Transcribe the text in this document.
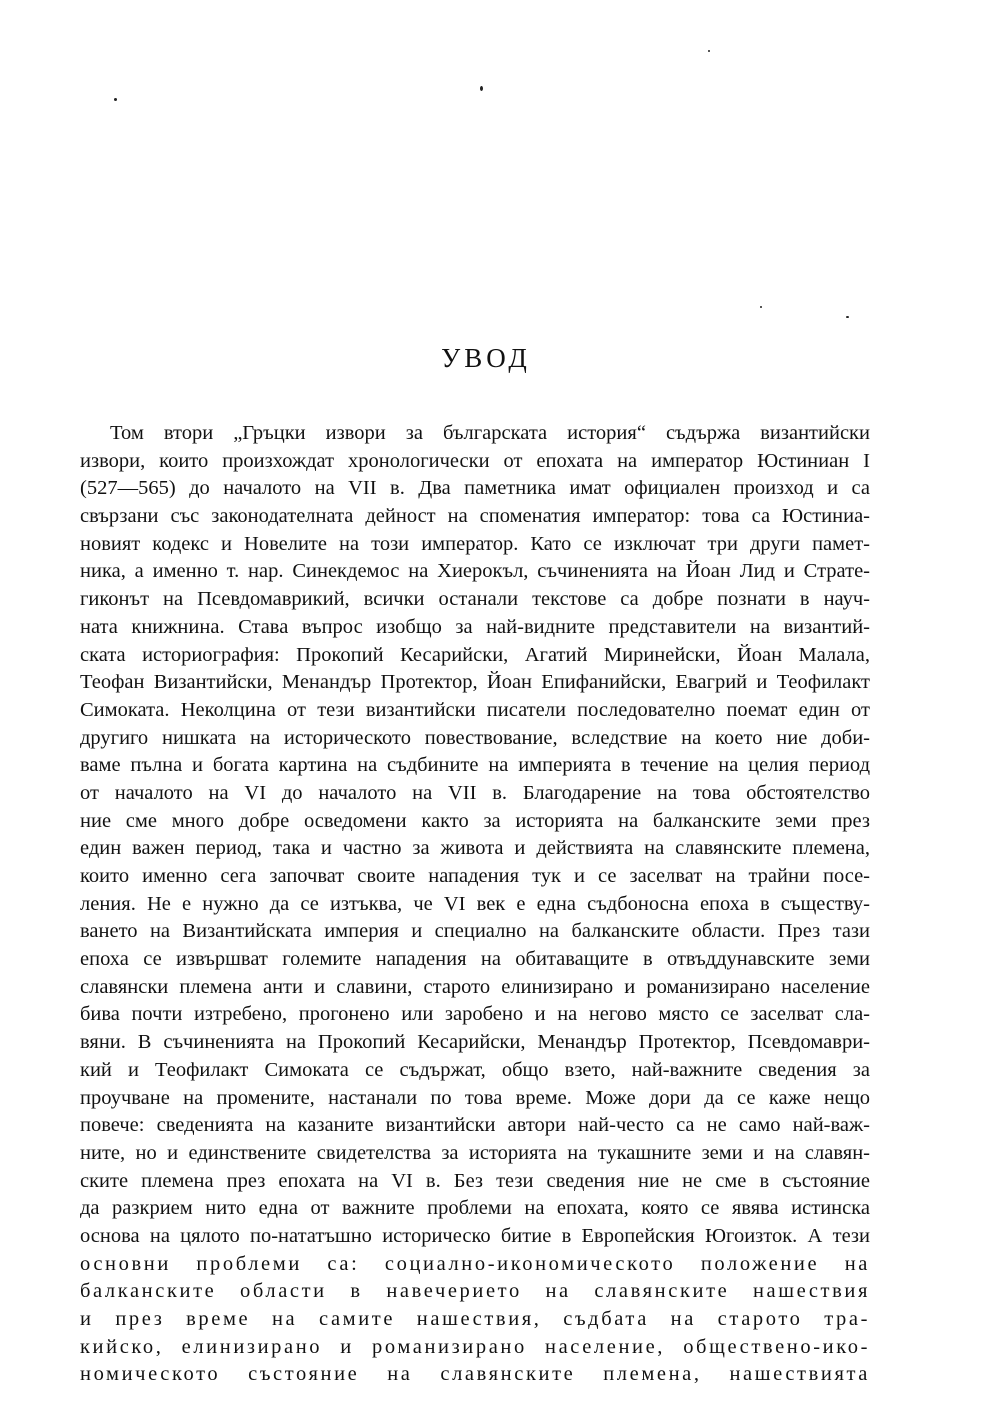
УВОД
Том втори „Гръцки извори за българската история“ съдържа византийски
извори, които произхождат хронологически от епохата на император Юстиниан I
(527—565) до началото на VII в. Два паметника имат официален произход и са
свързани със законодателната дейност на споменатия император: това са Юстиниа-
новият кодекс и Новелите на този император. Като се изключат три други памет-
ника, а именно т. нар. Синекдемос на Хиерокъл, съчиненията на Йоан Лид и Страте-
гиконът на Псевдомаврикий, всички останали текстове са добре познати в науч-
ната книжнина. Става въпрос изобщо за най-видните представители на византий-
ската историография: Прокопий Кесарийски, Агатий Миринейски, Йоан Малала,
Теофан Византийски, Менандър Протектор, Йоан Епифанийски, Евагрий и Теофилакт
Симоката. Неколцина от тези византийски писатели последователно поемат един от
другиго нишката на историческото повествование, вследствие на което ние доби-
ваме пълна и богата картина на съдбините на империята в течение на целия период
от началото на VI до началото на VII в. Благодарение на това обстоятелство
ние сме много добре осведомени както за историята на балканските земи през
един важен период, така и частно за живота и действията на славянските племена,
които именно сега започват своите нападения тук и се заселват на трайни посе-
ления. Не е нужно да се изтъква, че VI век е една съдбоносна епоха в съществу-
ването на Византийската империя и специално на балканските области. През тази
епоха се извършват големите нападения на обитаващите в отвъддунавските земи
славянски племена анти и славини, старото елинизирано и романизирано население
бива почти изтребено, прогонено или заробено и на негово място се заселват сла-
вяни. В съчиненията на Прокопий Кесарийски, Менандър Протектор, Псевдомаври-
кий и Теофилакт Симоката се съдържат, общо взето, най-важните сведения за
проучване на промените, настанали по това време. Може дори да се каже нещо
повече: сведенията на казаните византийски автори най-често са не само най-важ-
ните, но и единствените свидетелства за историята на тукашните земи и на славян-
ските племена през епохата на VI в. Без тези сведения ние не сме в състояние
да разкрием нито една от важните проблеми на епохата, която се явява истинска
основа на цялото по-нататъшно историческо битие в Европейския Югоизток. А тези
основни проблеми са: социално-икономическото положение на
балканските области в навечерието на славянските нашествия
и през време на самите нашествия, съдбата на старото тра-
кийско, елинизирано и романизирано население, обществено-ико-
номическото състояние на славянските племена, нашествията
